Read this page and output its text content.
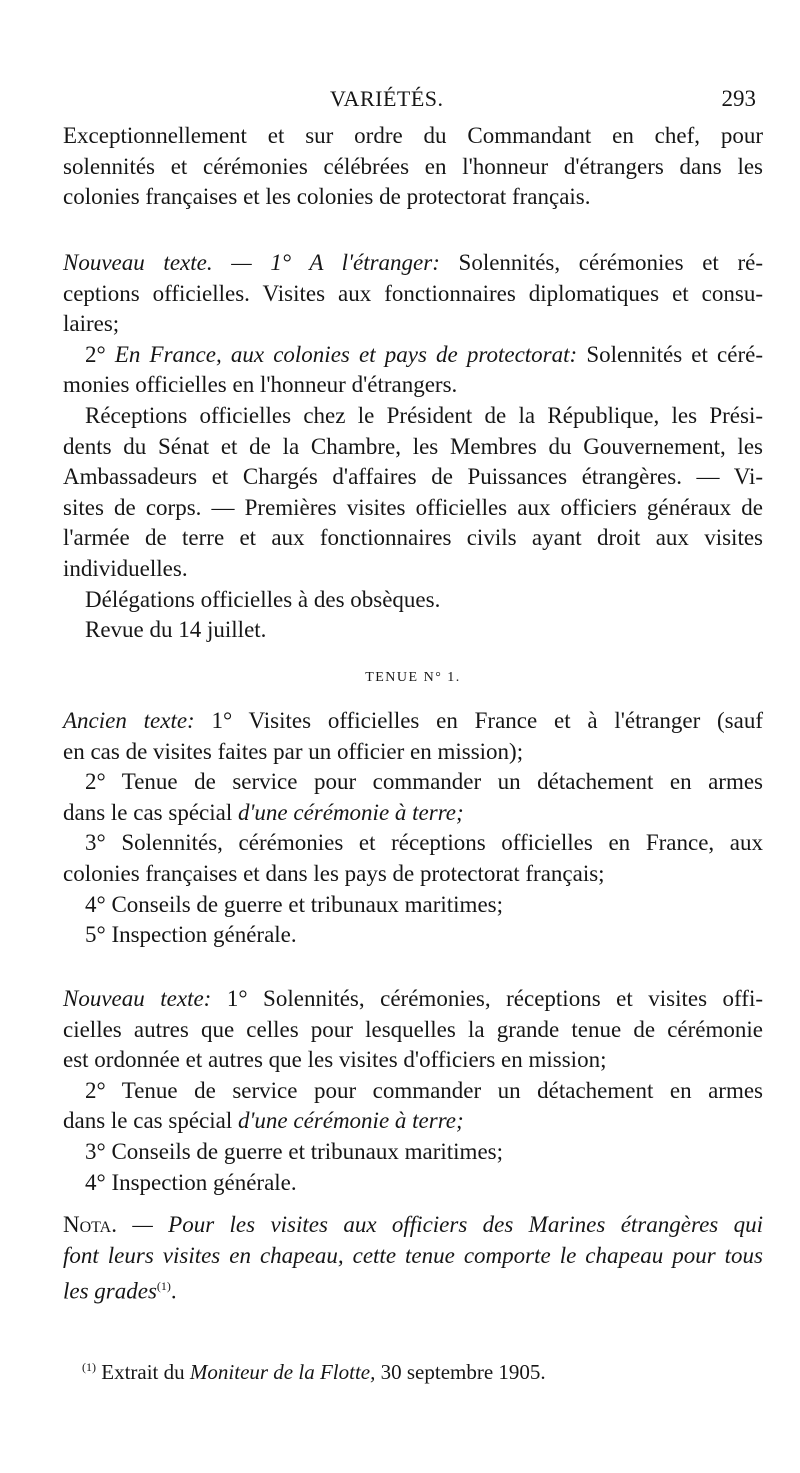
VARIÉTÉS.	293
Exceptionnellement et sur ordre du Commandant en chef, pour
solennités et cérémonies célébrées en l'honneur d'étrangers dans les
colonies françaises et les colonies de protectorat français.
Nouveau texte. — 1° A l'étranger: Solennités, cérémonies et ré-
ceptions officielles. Visites aux fonctionnaires diplomatiques et consu-
laires;
2° En France, aux colonies et pays de protectorat: Solennités et céré-
monies officielles en l'honneur d'étrangers.
Réceptions officielles chez le Président de la République, les Prési-
dents du Sénat et de la Chambre, les Membres du Gouvernement, les
Ambassadeurs et Chargés d'affaires de Puissances étrangères. — Vi-
sites de corps. — Premières visites officielles aux officiers généraux de
l'armée de terre et aux fonctionnaires civils ayant droit aux visites
individuelles.
Délégations officielles à des obsèques.
Revue du 14 juillet.
TENUE N° 1.
Ancien texte: 1° Visites officielles en France et à l'étranger (sauf
en cas de visites faites par un officier en mission);
2° Tenue de service pour commander un détachement en armes
dans le cas spécial d'une cérémonie à terre;
3° Solennités, cérémonies et réceptions officielles en France, aux
colonies françaises et dans les pays de protectorat français;
4° Conseils de guerre et tribunaux maritimes;
5° Inspection générale.
Nouveau texte: 1° Solennités, cérémonies, réceptions et visites offi-
cielles autres que celles pour lesquelles la grande tenue de cérémonie
est ordonnée et autres que les visites d'officiers en mission;
2° Tenue de service pour commander un détachement en armes
dans le cas spécial d'une cérémonie à terre;
3° Conseils de guerre et tribunaux maritimes;
4° Inspection générale.
Nota. — Pour les visites aux officiers des Marines étrangères qui
font leurs visites en chapeau, cette tenue comporte le chapeau pour tous
les grades$^{(1)}$.
$^{(1)}$ Extrait du Moniteur de la Flotte, 30 septembre 1905.
